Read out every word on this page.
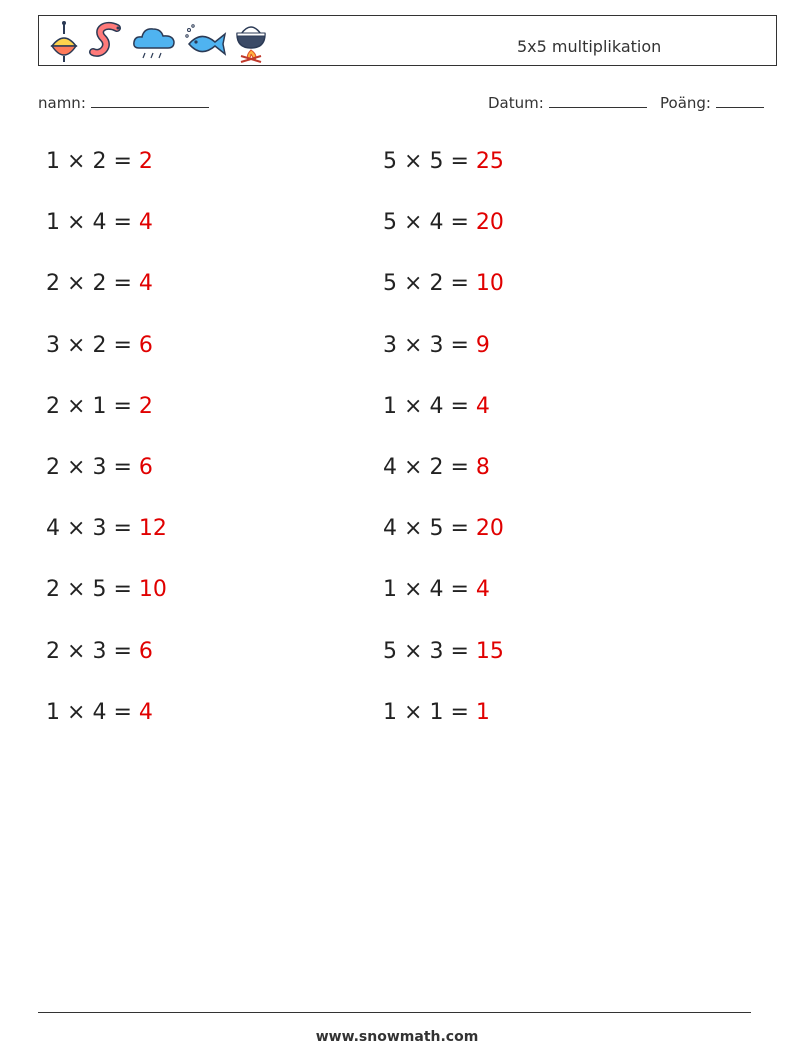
5x5 multiplikation
namn:	Datum:	Poäng:
1 × 2 = 2
1 × 4 = 4
2 × 2 = 4
3 × 2 = 6
2 × 1 = 2
2 × 3 = 6
4 × 3 = 12
2 × 5 = 10
2 × 3 = 6
1 × 4 = 4
5 × 5 = 25
5 × 4 = 20
5 × 2 = 10
3 × 3 = 9
1 × 4 = 4
4 × 2 = 8
4 × 5 = 20
1 × 4 = 4
5 × 3 = 15
1 × 1 = 1
www.snowmath.com
